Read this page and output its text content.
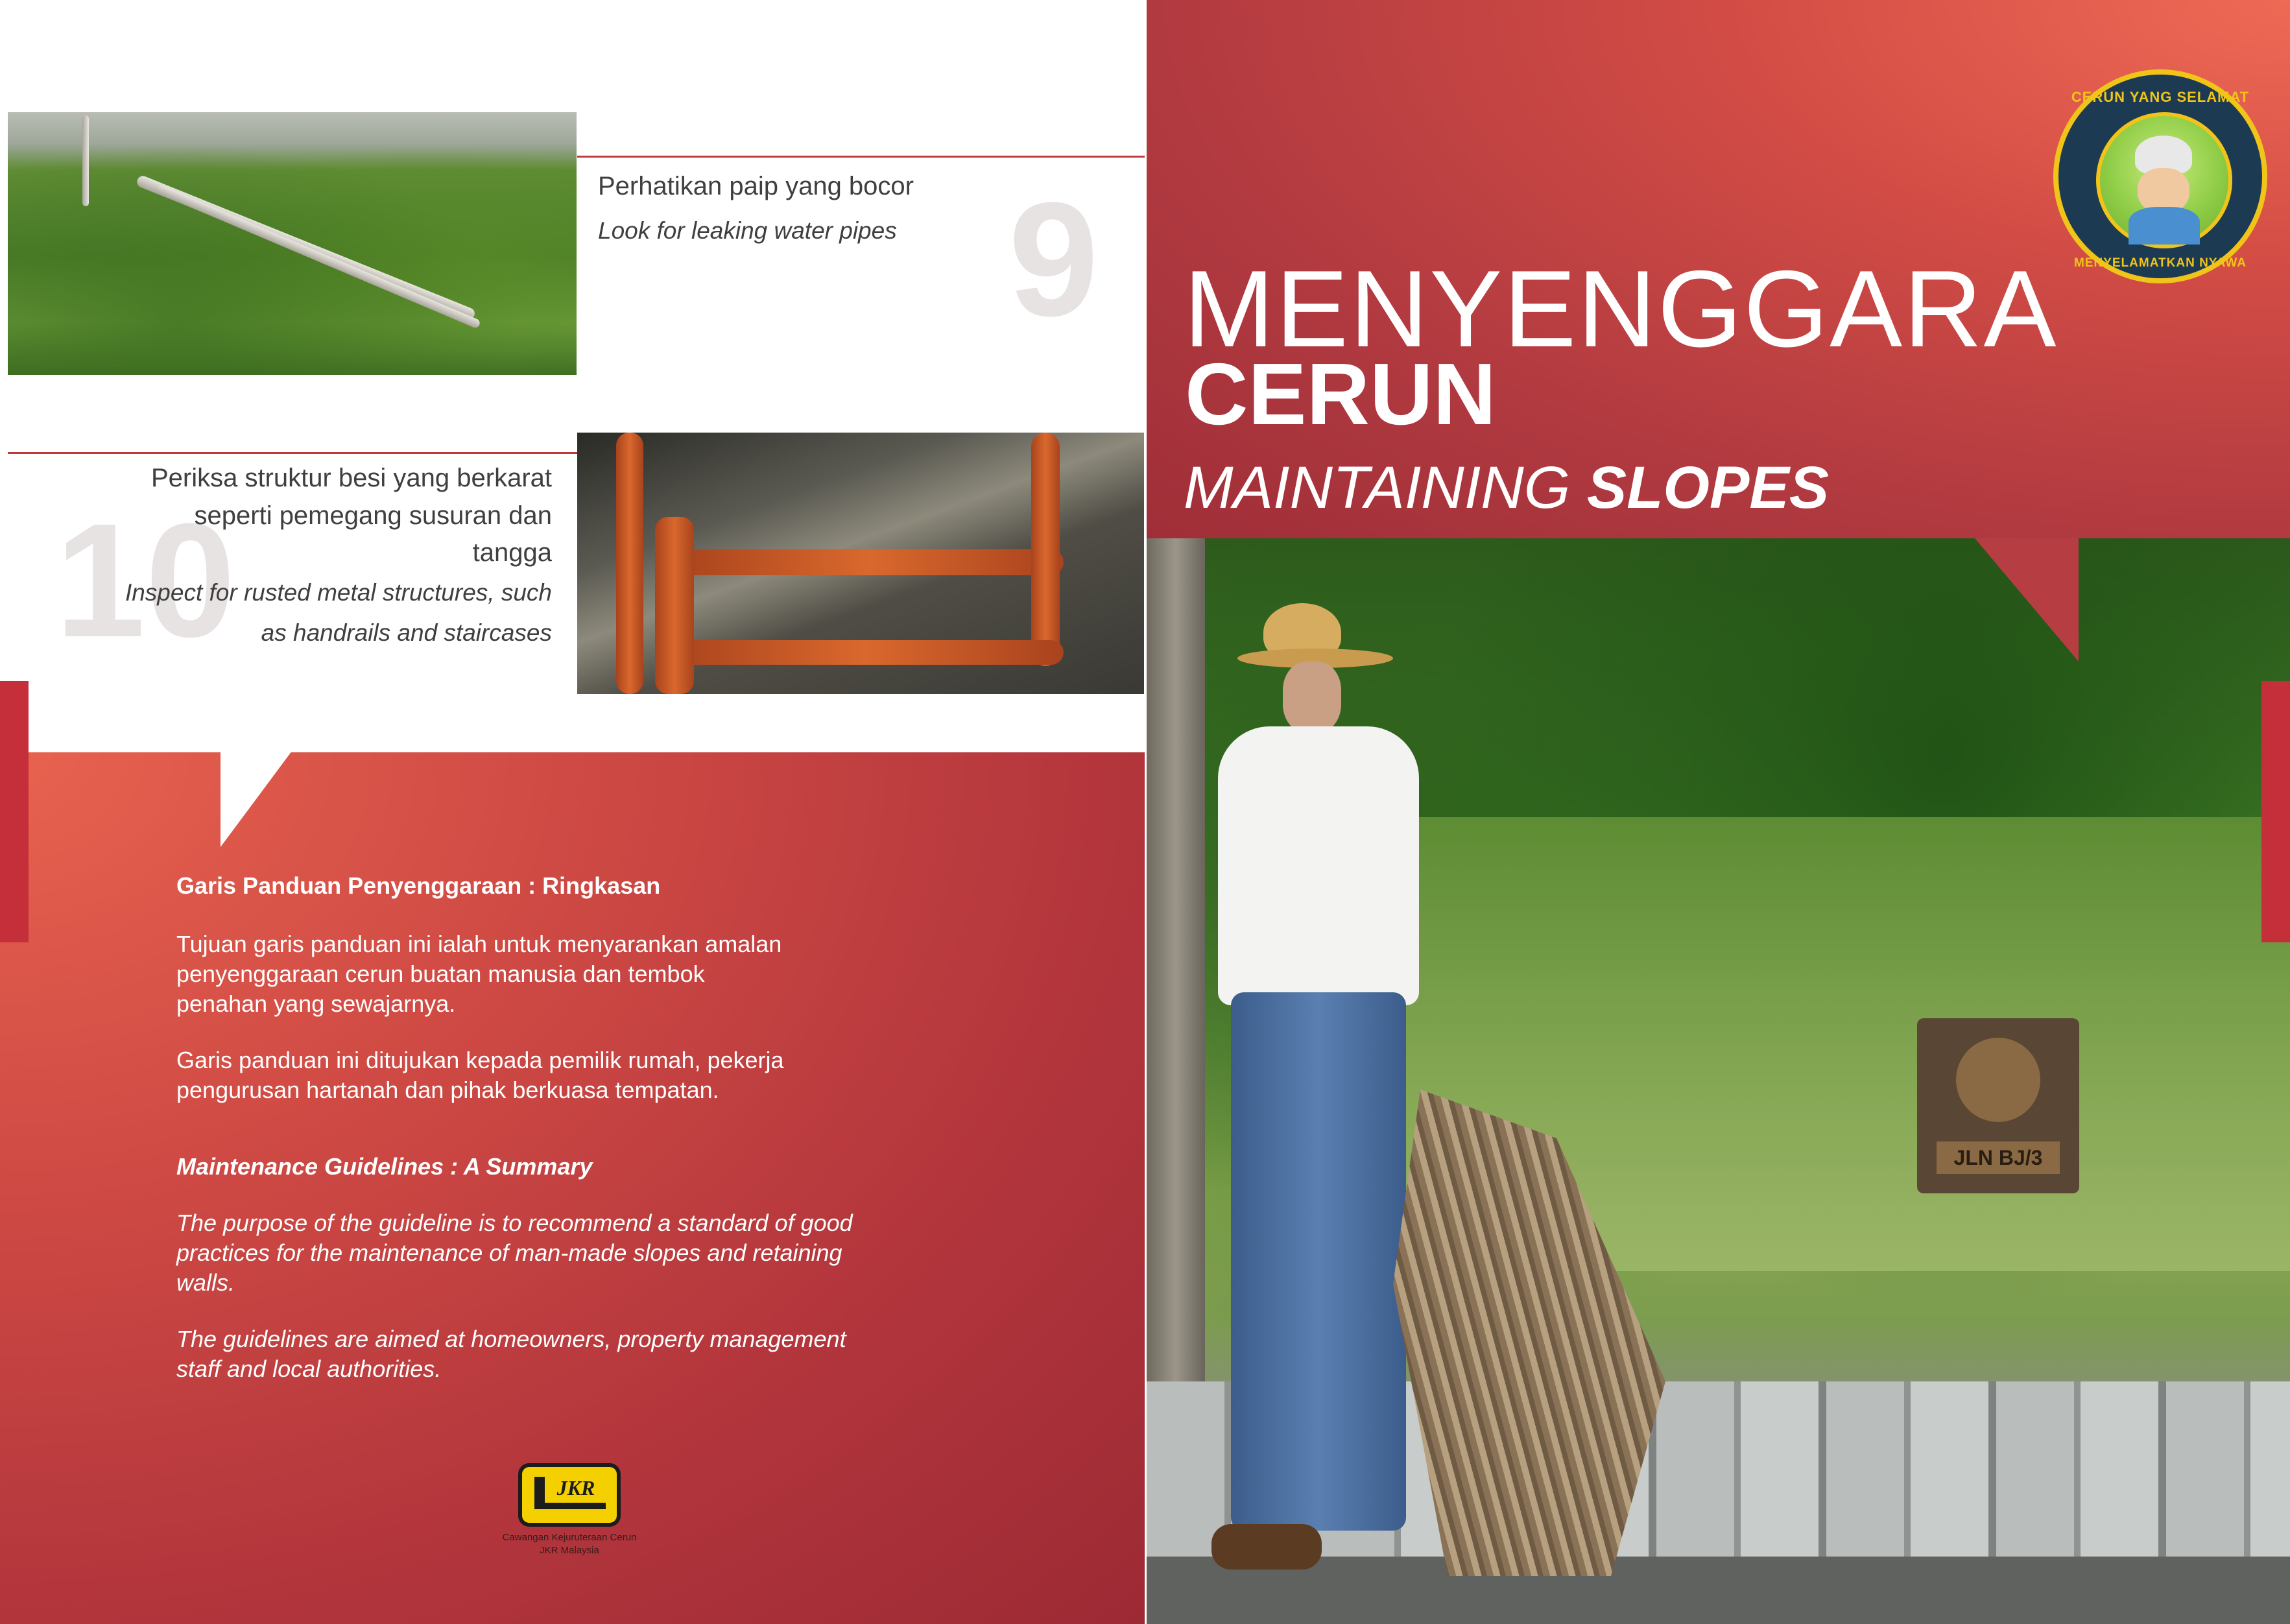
9
Perhatikan paip yang bocor
Look for leaking water pipes
10
Periksa struktur besi yang berkarat
seperti pemegang susuran dan
tangga
Inspect for rusted metal structures, such
as handrails and staircases
Garis Panduan Penyenggaraan : Ringkasan
Tujuan garis panduan ini ialah untuk menyarankan amalan
penyenggaraan cerun buatan manusia dan tembok
penahan yang sewajarnya.
Garis panduan ini ditujukan kepada pemilik rumah, pekerja
pengurusan hartanah dan pihak berkuasa tempatan.
Maintenance Guidelines : A Summary
The purpose of the guideline is to recommend a standard of good
practices for the maintenance of man-made slopes and retaining
walls.
The guidelines are aimed at homeowners, property management
staff and local authorities.
JKR
Cawangan Kejuruteraan Cerun
JKR Malaysia
JLN BJ/3
MENYENGGARA
CERUN
MAINTAINING SLOPES
CERUN YANG SELAMAT
MENYELAMATKAN NYAWA
